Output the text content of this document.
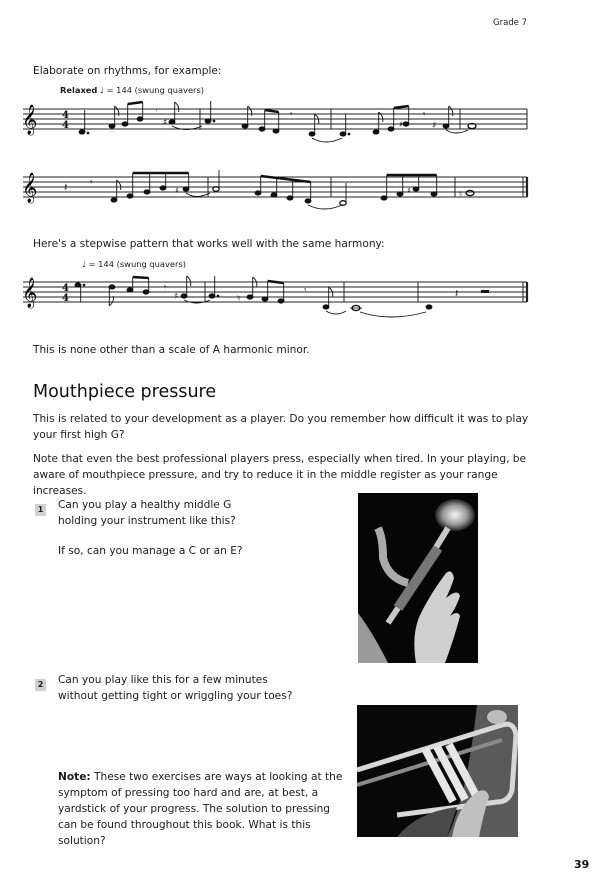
Grade 7
Elaborate on rhythms, for example:
Relaxed ♩ = 144 (swung quavers)
𝄞 4
4
𝄾
♯
𝄾
♯
𝄾
♯
𝄞 𝄽	𝄾
♯	♯	♮
Here's a stepwise pattern that works well with the same harmony:
♩ = 144 (swung quavers)
𝄞 4
4
𝄾
♯	♮
𝄾	𝄽
This is none other than a scale of A harmonic minor.
Mouthpiece pressure
This is related to your development as a player. Do you remember how difficult it was to play your first high G?
Note that even the best professional players press, especially when tired. In your playing, be aware of mouthpiece pressure, and try to reduce it in the middle register as your range increases.
1 Can you play a healthy middle G
holding your instrument like this?
If so, can you manage a C or an E?
2 Can you play like this for a few minutes
without getting tight or wriggling your toes?
Note: These two exercises are ways at looking at the symptom of pressing too hard and are, at best, a yardstick of your progress. The solution to pressing can be found throughout this book. What is this solution?
39
